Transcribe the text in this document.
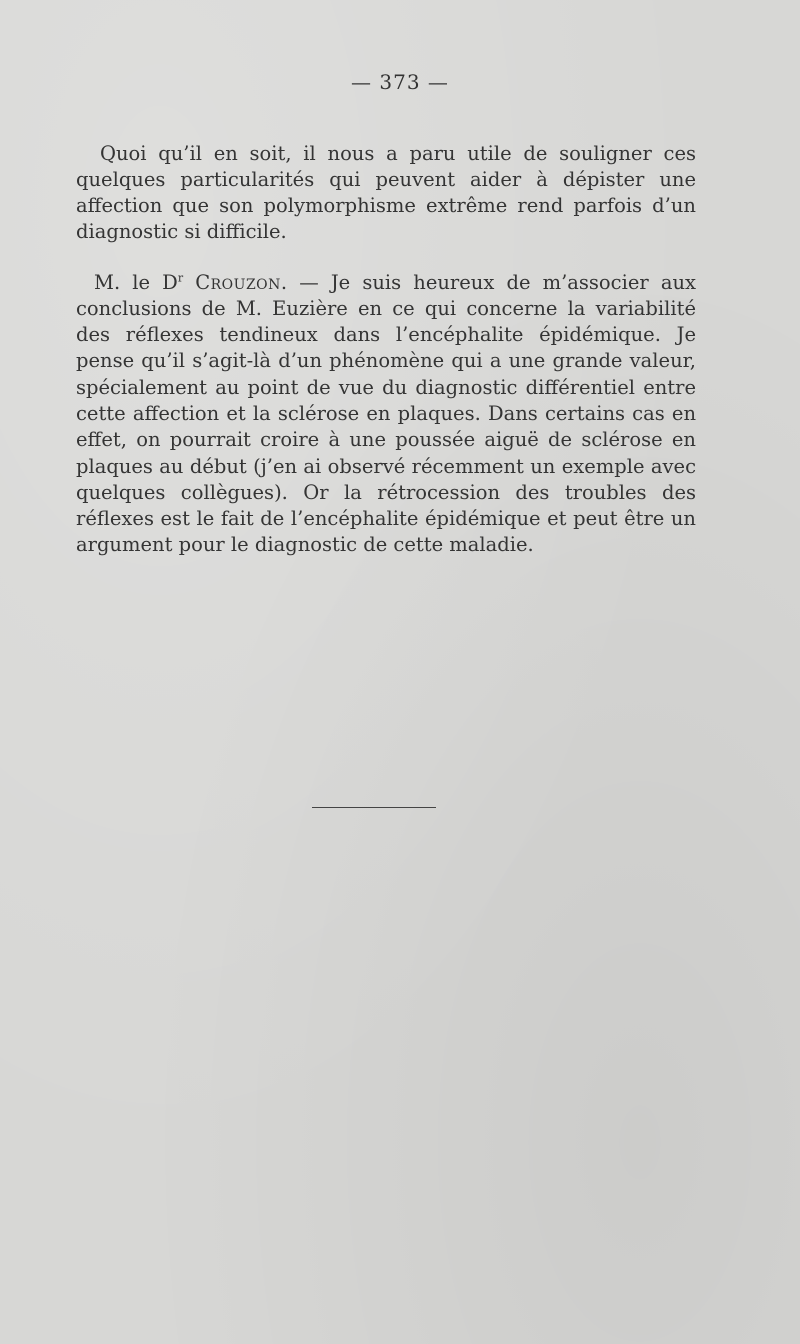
— 373 —

Quoi qu’il en soit, il nous a paru utile de souligner ces quelques particularités qui peuvent aider à dépister une affection que son polymorphisme extrême rend parfois d’un diagnostic si difficile.

M. le $D^r$ Crouzon. — Je suis heureux de m’associer aux conclusions de M. Euzière en ce qui concerne la variabilité des réflexes tendineux dans l’encéphalite épidémique. Je pense qu’il s’agit-là d’un phénomène qui a une grande valeur, spécialement au point de vue du diagnostic différentiel entre cette affection et la sclérose en plaques. Dans certains cas en effet, on pourrait croire à une poussée aiguë de sclérose en plaques au début (j’en ai observé récemment un exemple avec quelques collègues). Or la rétrocession des troubles des réflexes est le fait de l’encéphalite épidémique et peut être un argument pour le diagnostic de cette maladie.
